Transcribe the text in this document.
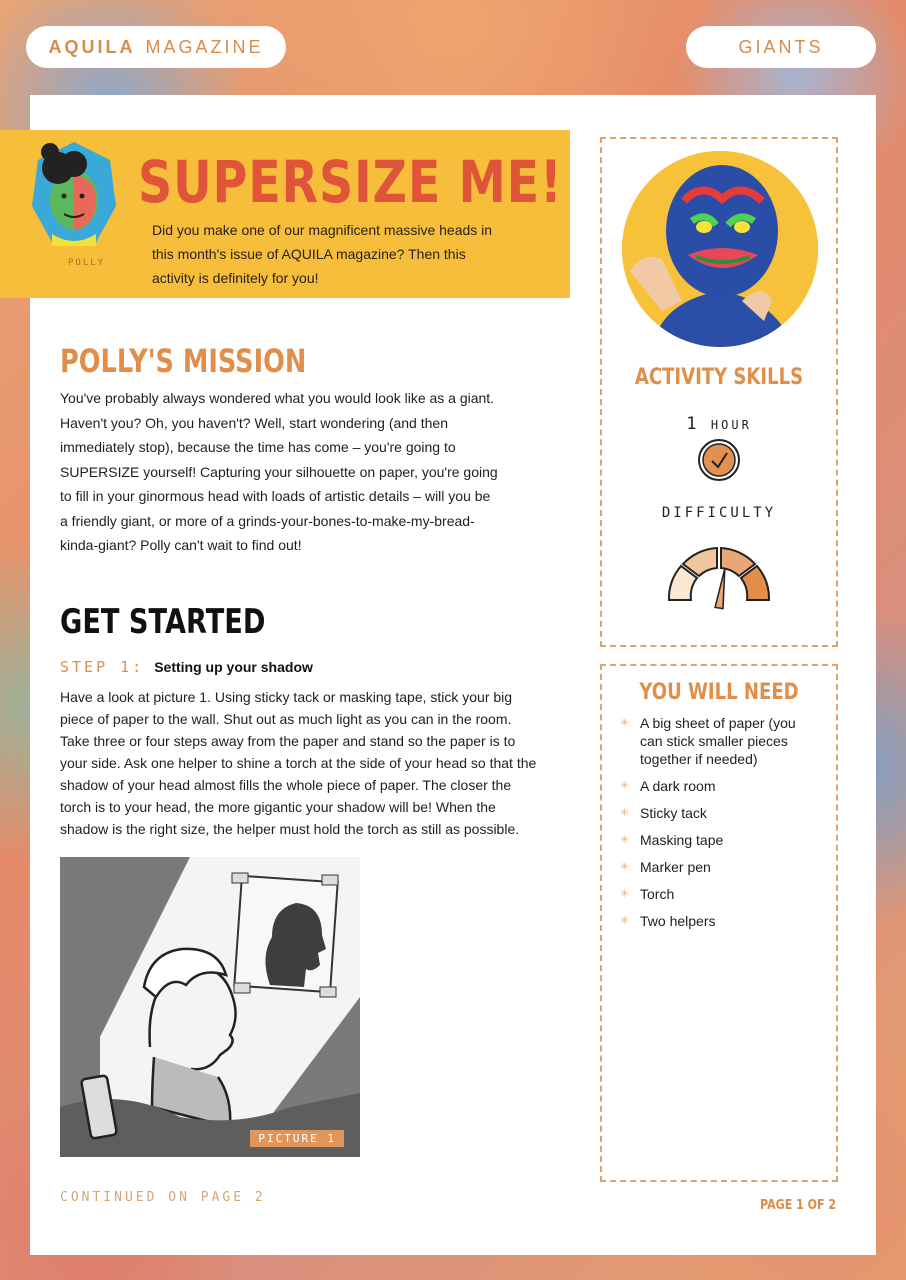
AQUILA MAGAZINE	GIANTS
POLLY
SUPERSIZE ME!

Did you make one of our magnificent massive heads in this month's issue of AQUILA magazine? Then this activity is definitely for you!

POLLY'S MISSION

You've probably always wondered what you would look like as a giant. Haven't you? Oh, you haven't? Well, start wondering (and then immediately stop), because the time has come – you're going to SUPERSIZE yourself! Capturing your silhouette on paper, you're going to fill in your ginormous head with loads of artistic details – will you be a friendly giant, or more of a grinds-your-bones-to-make-my-bread-kinda-giant? Polly can't wait to find out!

GET STARTED
STEP 1: Setting up your shadow

Have a look at picture 1. Using sticky tack or masking tape, stick your big piece of paper to the wall. Shut out as much light as you can in the room. Take three or four steps away from the paper and stand so the paper is to your side. Ask one helper to shine a torch at the side of your head so that the shadow of your head almost fills the whole piece of paper. The closer the torch is to your head, the more gigantic your shadow will be! When the shadow is the right size, the helper must hold the torch as still as possible.

PICTURE 1
CONTINUED ON PAGE 2
ACTIVITY SKILLS
1 HOUR
DIFFICULTY
YOU WILL NEED
✳ A big sheet of paper (you can stick smaller pieces together if needed)
✳ A dark room
✳ Sticky tack
✳ Masking tape
✳ Marker pen
✳ Torch
✳ Two helpers
PAGE 1 OF 2
